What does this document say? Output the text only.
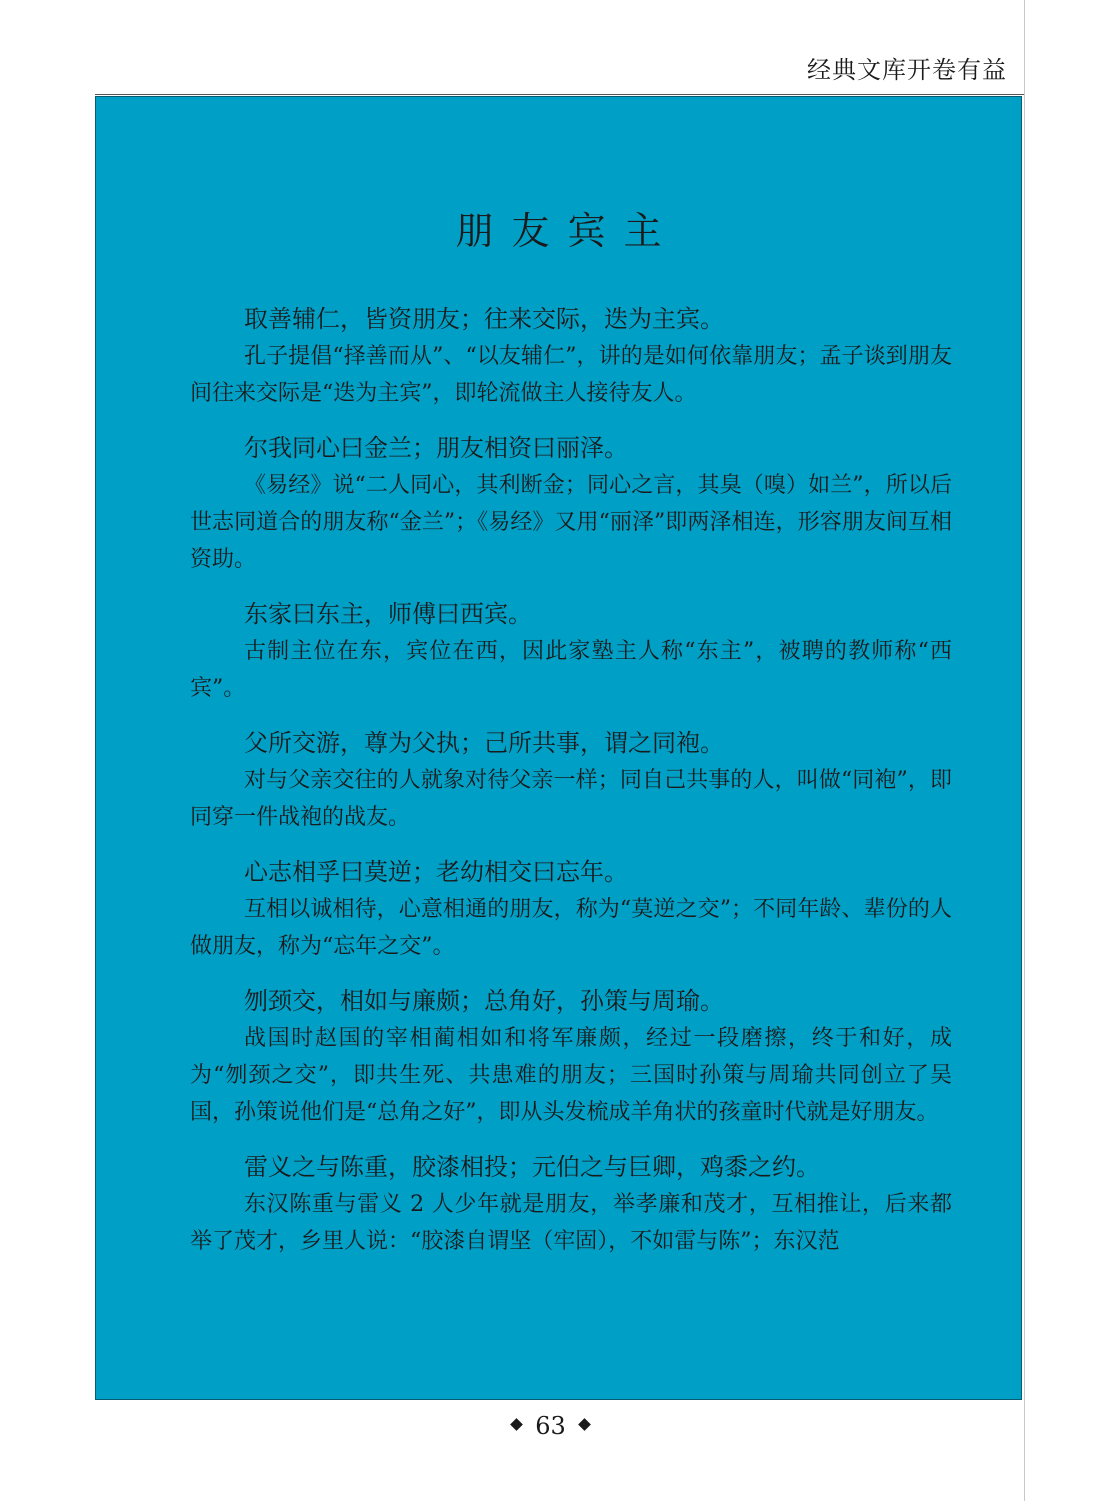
经典文库开卷有益
朋友宾主

取善辅仁，皆资朋友；往来交际，迭为主宾。

孔子提倡“择善而从”、“以友辅仁”，讲的是如何依靠朋友；孟子谈到朋友间往来交际是“迭为主宾”，即轮流做主人接待友人。

尔我同心曰金兰；朋友相资曰丽泽。

《易经》说“二人同心，其利断金；同心之言，其臭（嗅）如兰”，所以后世志同道合的朋友称“金兰”；《易经》又用“丽泽”即两泽相连，形容朋友间互相资助。

东家曰东主，师傅曰西宾。

古制主位在东，宾位在西，因此家塾主人称“东主”，被聘的教师称“西宾”。

父所交游，尊为父执；己所共事，谓之同袍。

对与父亲交往的人就象对待父亲一样；同自己共事的人，叫做“同袍”，即同穿一件战袍的战友。

心志相孚曰莫逆；老幼相交曰忘年。

互相以诚相待，心意相通的朋友，称为“莫逆之交”；不同年龄、辈份的人做朋友，称为“忘年之交”。

刎颈交，相如与廉颇；总角好，孙策与周瑜。

战国时赵国的宰相蔺相如和将军廉颇，经过一段磨擦，终于和好，成为“刎颈之交”，即共生死、共患难的朋友；三国时孙策与周瑜共同创立了吴国，孙策说他们是“总角之好”，即从头发梳成羊角状的孩童时代就是好朋友。

雷义之与陈重，胶漆相投；元伯之与巨卿，鸡黍之约。

东汉陈重与雷义 2 人少年就是朋友，举孝廉和茂才，互相推让，后来都举了茂才，乡里人说：“胶漆自谓坚（牢固），不如雷与陈”；东汉范

63
